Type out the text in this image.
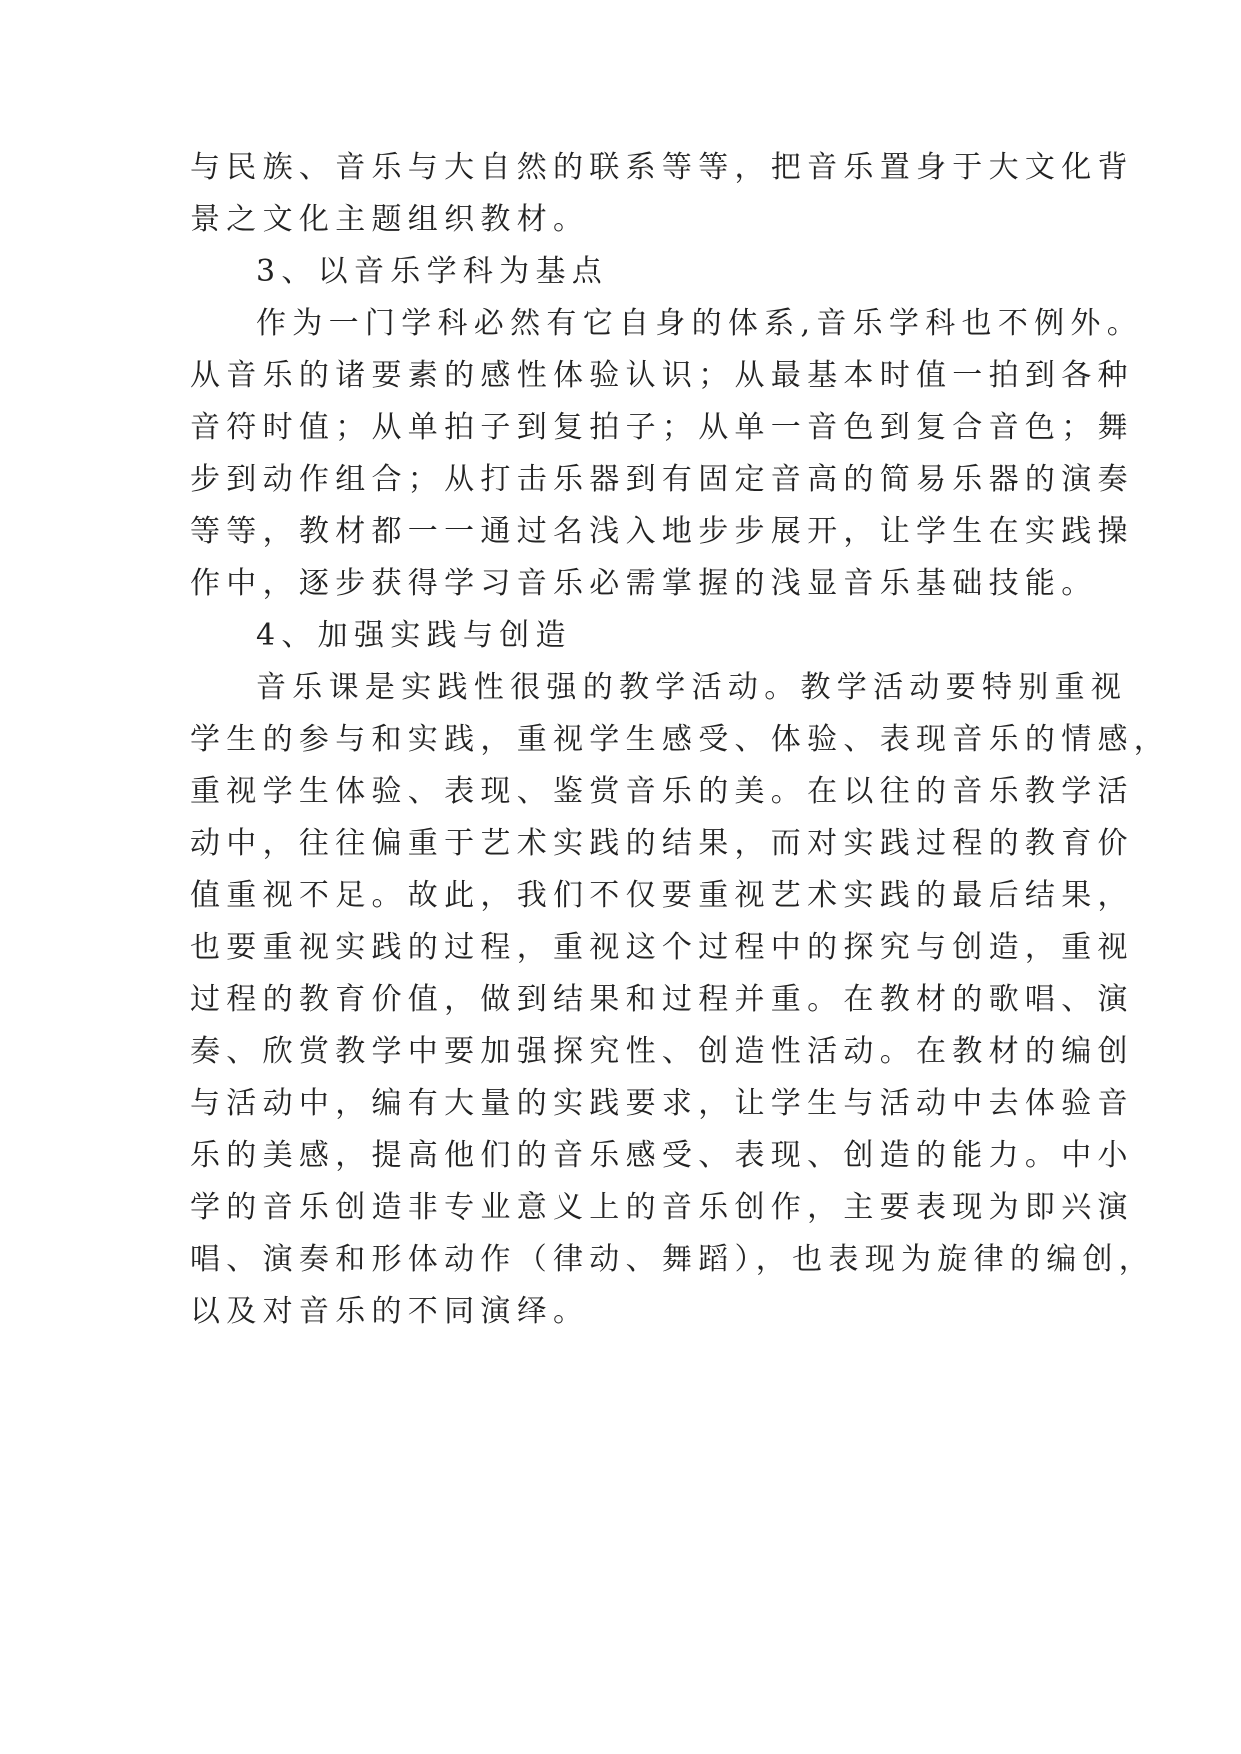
与民族、音乐与大自然的联系等等，把音乐置身于大文化背
景之文化主题组织教材。
3、以音乐学科为基点
作为一门学科必然有它自身的体系,音乐学科也不例外。
从音乐的诸要素的感性体验认识；从最基本时值一拍到各种
音符时值；从单拍子到复拍子；从单一音色到复合音色；舞
步到动作组合；从打击乐器到有固定音高的简易乐器的演奏
等等，教材都一一通过名浅入地步步展开，让学生在实践操
作中，逐步获得学习音乐必需掌握的浅显音乐基础技能。
4、加强实践与创造
音乐课是实践性很强的教学活动。教学活动要特别重视
学生的参与和实践，重视学生感受、体验、表现音乐的情感，
重视学生体验、表现、鉴赏音乐的美。在以往的音乐教学活
动中，往往偏重于艺术实践的结果，而对实践过程的教育价
值重视不足。故此，我们不仅要重视艺术实践的最后结果，
也要重视实践的过程，重视这个过程中的探究与创造，重视
过程的教育价值，做到结果和过程并重。在教材的歌唱、演
奏、欣赏教学中要加强探究性、创造性活动。在教材的编创
与活动中，编有大量的实践要求，让学生与活动中去体验音
乐的美感，提高他们的音乐感受、表现、创造的能力。中小
学的音乐创造非专业意义上的音乐创作，主要表现为即兴演
唱、演奏和形体动作（律动、舞蹈），也表现为旋律的编创，
以及对音乐的不同演绎。
